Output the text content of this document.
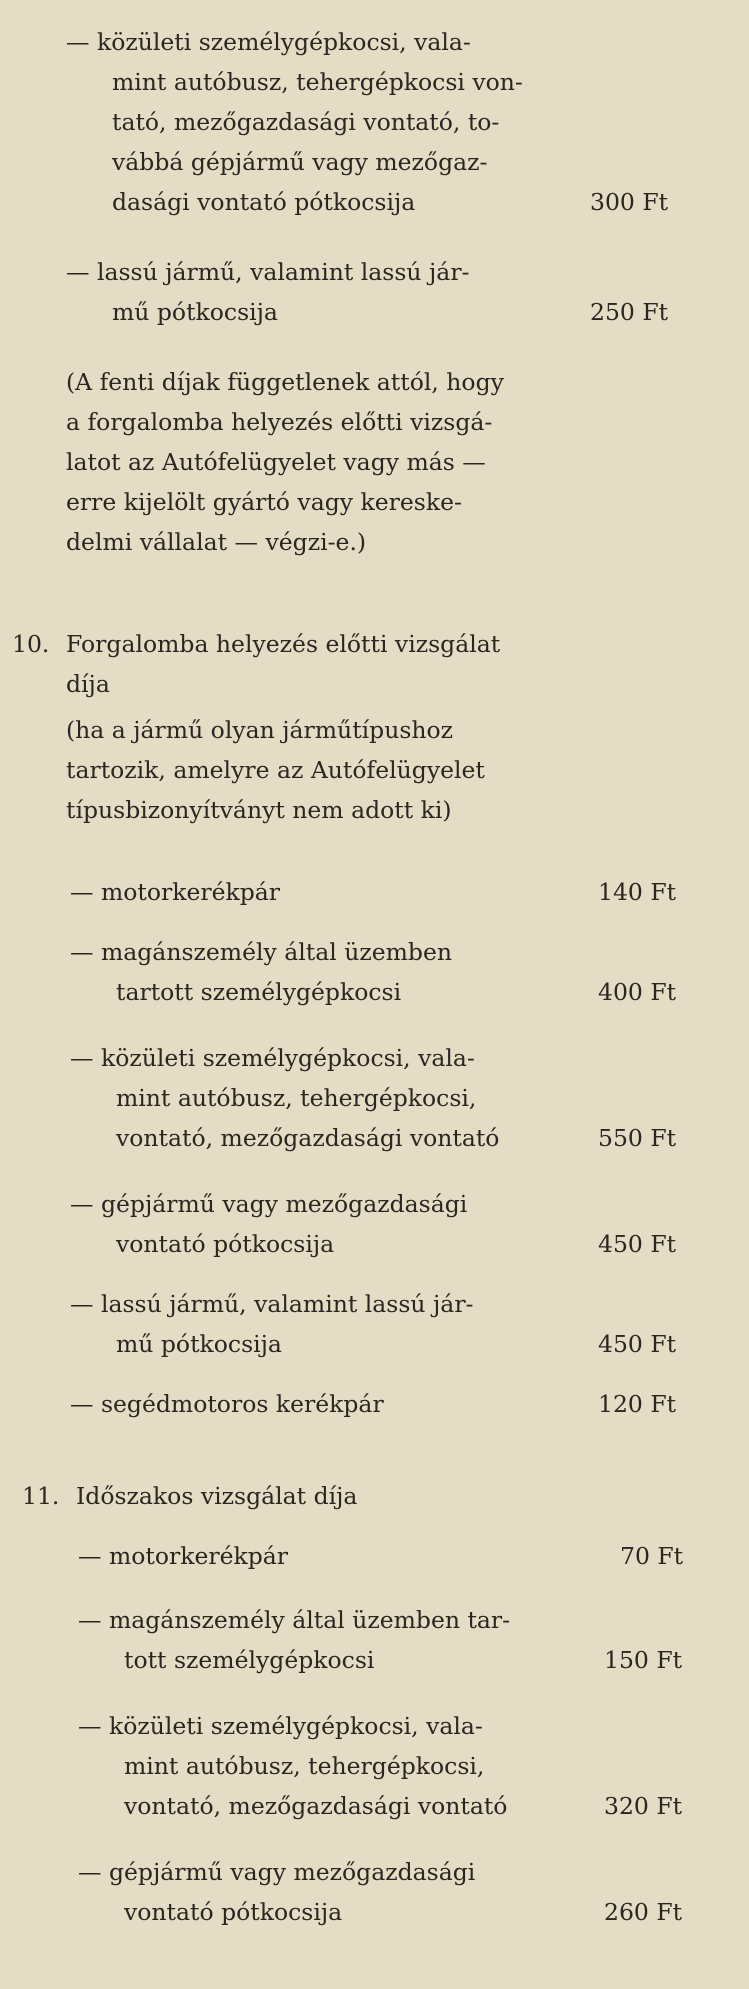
— közületi személygépkocsi, vala-
mint autóbusz, tehergépkocsi von-
tató, mezőgazdasági vontató, to-
vábbá gépjármű vagy mezőgaz-
dasági vontató pótkocsija	300 Ft
— lassú jármű, valamint lassú jár-
mű pótkocsija	250 Ft
(A fenti díjak függetlenek attól, hogy
a forgalomba helyezés előtti vizsgá-
latot az Autófelügyelet vagy más —
erre kijelölt gyártó vagy kereske-
delmi vállalat — végzi-e.)
10. Forgalomba helyezés előtti vizsgálat
díja
(ha a jármű olyan járműtípushoz
tartozik, amelyre az Autófelügyelet
típusbizonyítványt nem adott ki)
— motorkerékpár	140 Ft
— magánszemély által üzemben
tartott személygépkocsi	400 Ft
— közületi személygépkocsi, vala-
mint autóbusz, tehergépkocsi,
vontató, mezőgazdasági vontató	550 Ft
— gépjármű vagy mezőgazdasági
vontató pótkocsija	450 Ft
— lassú jármű, valamint lassú jár-
mű pótkocsija	450 Ft
— segédmotoros kerékpár	120 Ft
11. Időszakos vizsgálat díja
— motorkerékpár	70 Ft
— magánszemély által üzemben tar-
tott személygépkocsi	150 Ft
— közületi személygépkocsi, vala-
mint autóbusz, tehergépkocsi,
vontató, mezőgazdasági vontató	320 Ft
— gépjármű vagy mezőgazdasági
vontató pótkocsija	260 Ft
